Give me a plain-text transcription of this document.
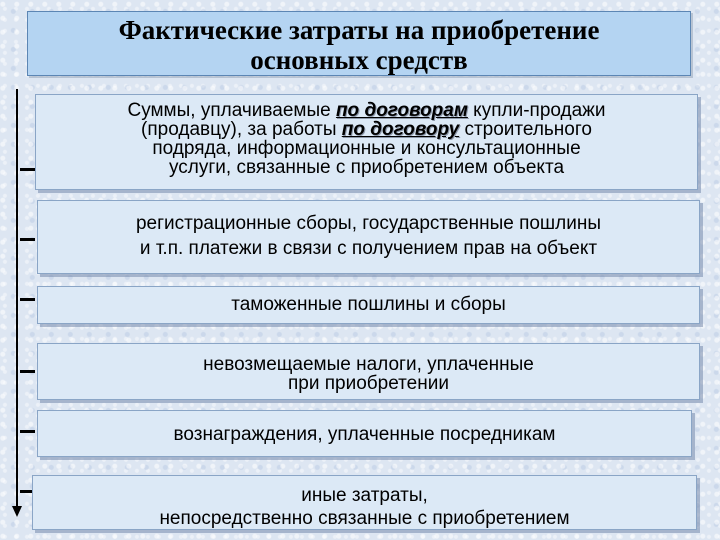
Фактические затраты на приобретение
основных средств
Суммы, уплачиваемые по договорам купли-продажи
(продавцу), за работы по договору строительного
подряда, информационные и консультационные
услуги, связанные с приобретением объекта
регистрационные сборы, государственные пошлины
и т.п. платежи в связи с получением прав на объект
таможенные пошлины и сборы
невозмещаемые налоги, уплаченные
при приобретении
вознаграждения, уплаченные посредникам
иные затраты,
непосредственно связанные с приобретением
